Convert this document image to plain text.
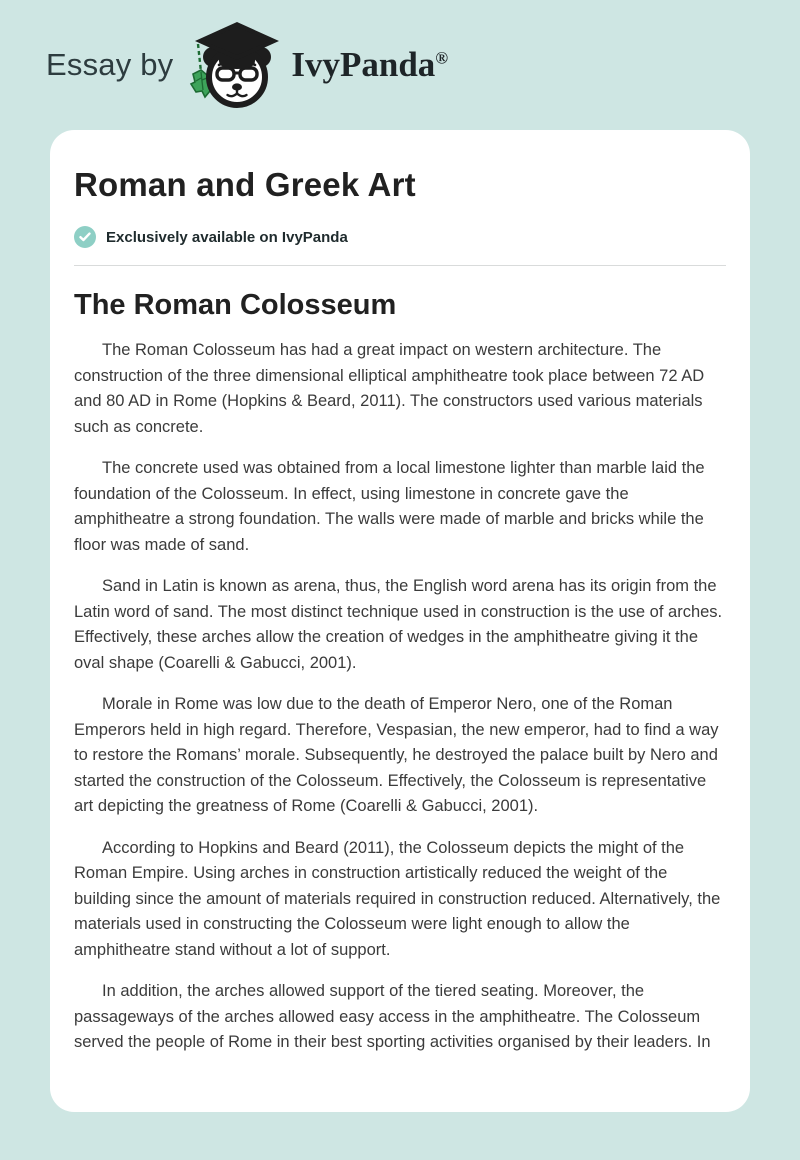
Essay by	IvyPanda®
Roman and Greek Art
Exclusively available on IvyPanda
The Roman Colosseum

The Roman Colosseum has had a great impact on western architecture. The construction of the three dimensional elliptical amphitheatre took place between 72 AD and 80 AD in Rome (Hopkins & Beard, 2011). The constructors used various materials such as concrete.

The concrete used was obtained from a local limestone lighter than marble laid the foundation of the Colosseum. In effect, using limestone in concrete gave the amphitheatre a strong foundation. The walls were made of marble and bricks while the floor was made of sand.

Sand in Latin is known as arena, thus, the English word arena has its origin from the Latin word of sand. The most distinct technique used in construction is the use of arches. Effectively, these arches allow the creation of wedges in the amphitheatre giving it the oval shape (Coarelli & Gabucci, 2001).

Morale in Rome was low due to the death of Emperor Nero, one of the Roman Emperors held in high regard. Therefore, Vespasian, the new emperor, had to find a way to restore the Romans’ morale. Subsequently, he destroyed the palace built by Nero and started the construction of the Colosseum. Effectively, the Colosseum is representative art depicting the greatness of Rome (Coarelli & Gabucci, 2001).

According to Hopkins and Beard (2011), the Colosseum depicts the might of the Roman Empire. Using arches in construction artistically reduced the weight of the building since the amount of materials required in construction reduced. Alternatively, the materials used in constructing the Colosseum were light enough to allow the amphitheatre stand without a lot of support.

In addition, the arches allowed support of the tiered seating. Moreover, the passageways of the arches allowed easy access in the amphitheatre. The Colosseum served the people of Rome in their best sporting activities organised by their leaders. In
